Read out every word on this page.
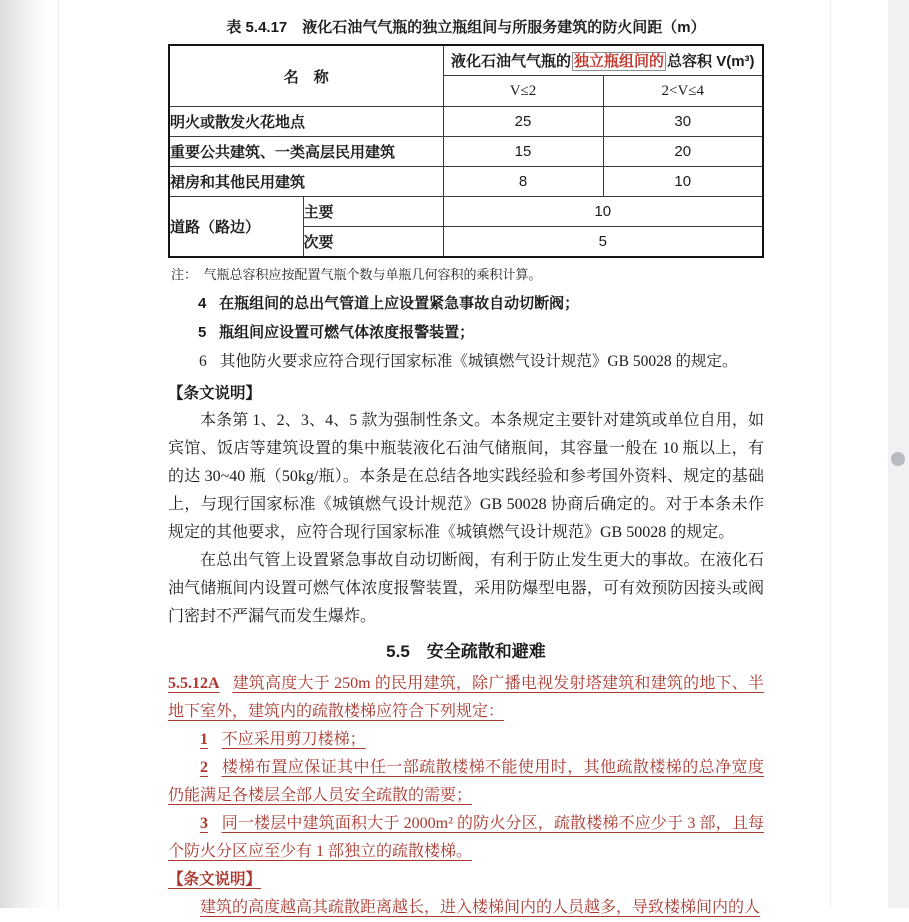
表 5.4.17　液化石油气气瓶的独立瓶组间与所服务建筑的防火间距（m）
名　称		液化石油气气瓶的 独立瓶组间的 总容积 V(m³)	
		V≤2	2<V≤4
明火或散发火花地点		25	30
重要公共建筑、一类高层民用建筑		15	20
裙房和其他民用建筑		8	10
道路（路边）	主要	10	
	次要	5	
注：　气瓶总容积应按配置气瓶个数与单瓶几何容积的乘积计算。
4 在瓶组间的总出气管道上应设置紧急事故自动切断阀；
5 瓶组间应设置可燃气体浓度报警装置；
6 其他防火要求应符合现行国家标准《城镇燃气设计规范》GB 50028 的规定。
【条文说明】

本条第 1、2、3、4、5 款为强制性条文。本条规定主要针对建筑或单位自用，如宾馆、饭店等建筑设置的集中瓶装液化石油气储瓶间，其容量一般在 10 瓶以上，有的达 30~40 瓶（50kg/瓶）。本条是在总结各地实践经验和参考国外资料、规定的基础上，与现行国家标准《城镇燃气设计规范》GB 50028 协商后确定的。对于本条未作规定的其他要求，应符合现行国家标准《城镇燃气设计规范》GB 50028 的规定。

在总出气管上设置紧急事故自动切断阀，有利于防止发生更大的事故。在液化石油气储瓶间内设置可燃气体浓度报警装置，采用防爆型电器，可有效预防因接头或阀门密封不严漏气而发生爆炸。

5.5　安全疏散和避难

5.5.12A 建筑高度大于 250m 的民用建筑，除广播电视发射塔建筑和建筑的地下、半地下室外，建筑内的疏散楼梯应符合下列规定：

1 不应采用剪刀楼梯；

2 楼梯布置应保证其中任一部疏散楼梯不能使用时，其他疏散楼梯的总净宽度仍能满足各楼层全部人员安全疏散的需要；

3 同一楼层中建筑面积大于 2000m² 的防火分区，疏散楼梯不应少于 3 部，且每个防火分区应至少有 1 部独立的疏散楼梯。

【条文说明】

建筑的高度越高其疏散距离越长，进入楼梯间内的人员越多，导致楼梯间内的人
